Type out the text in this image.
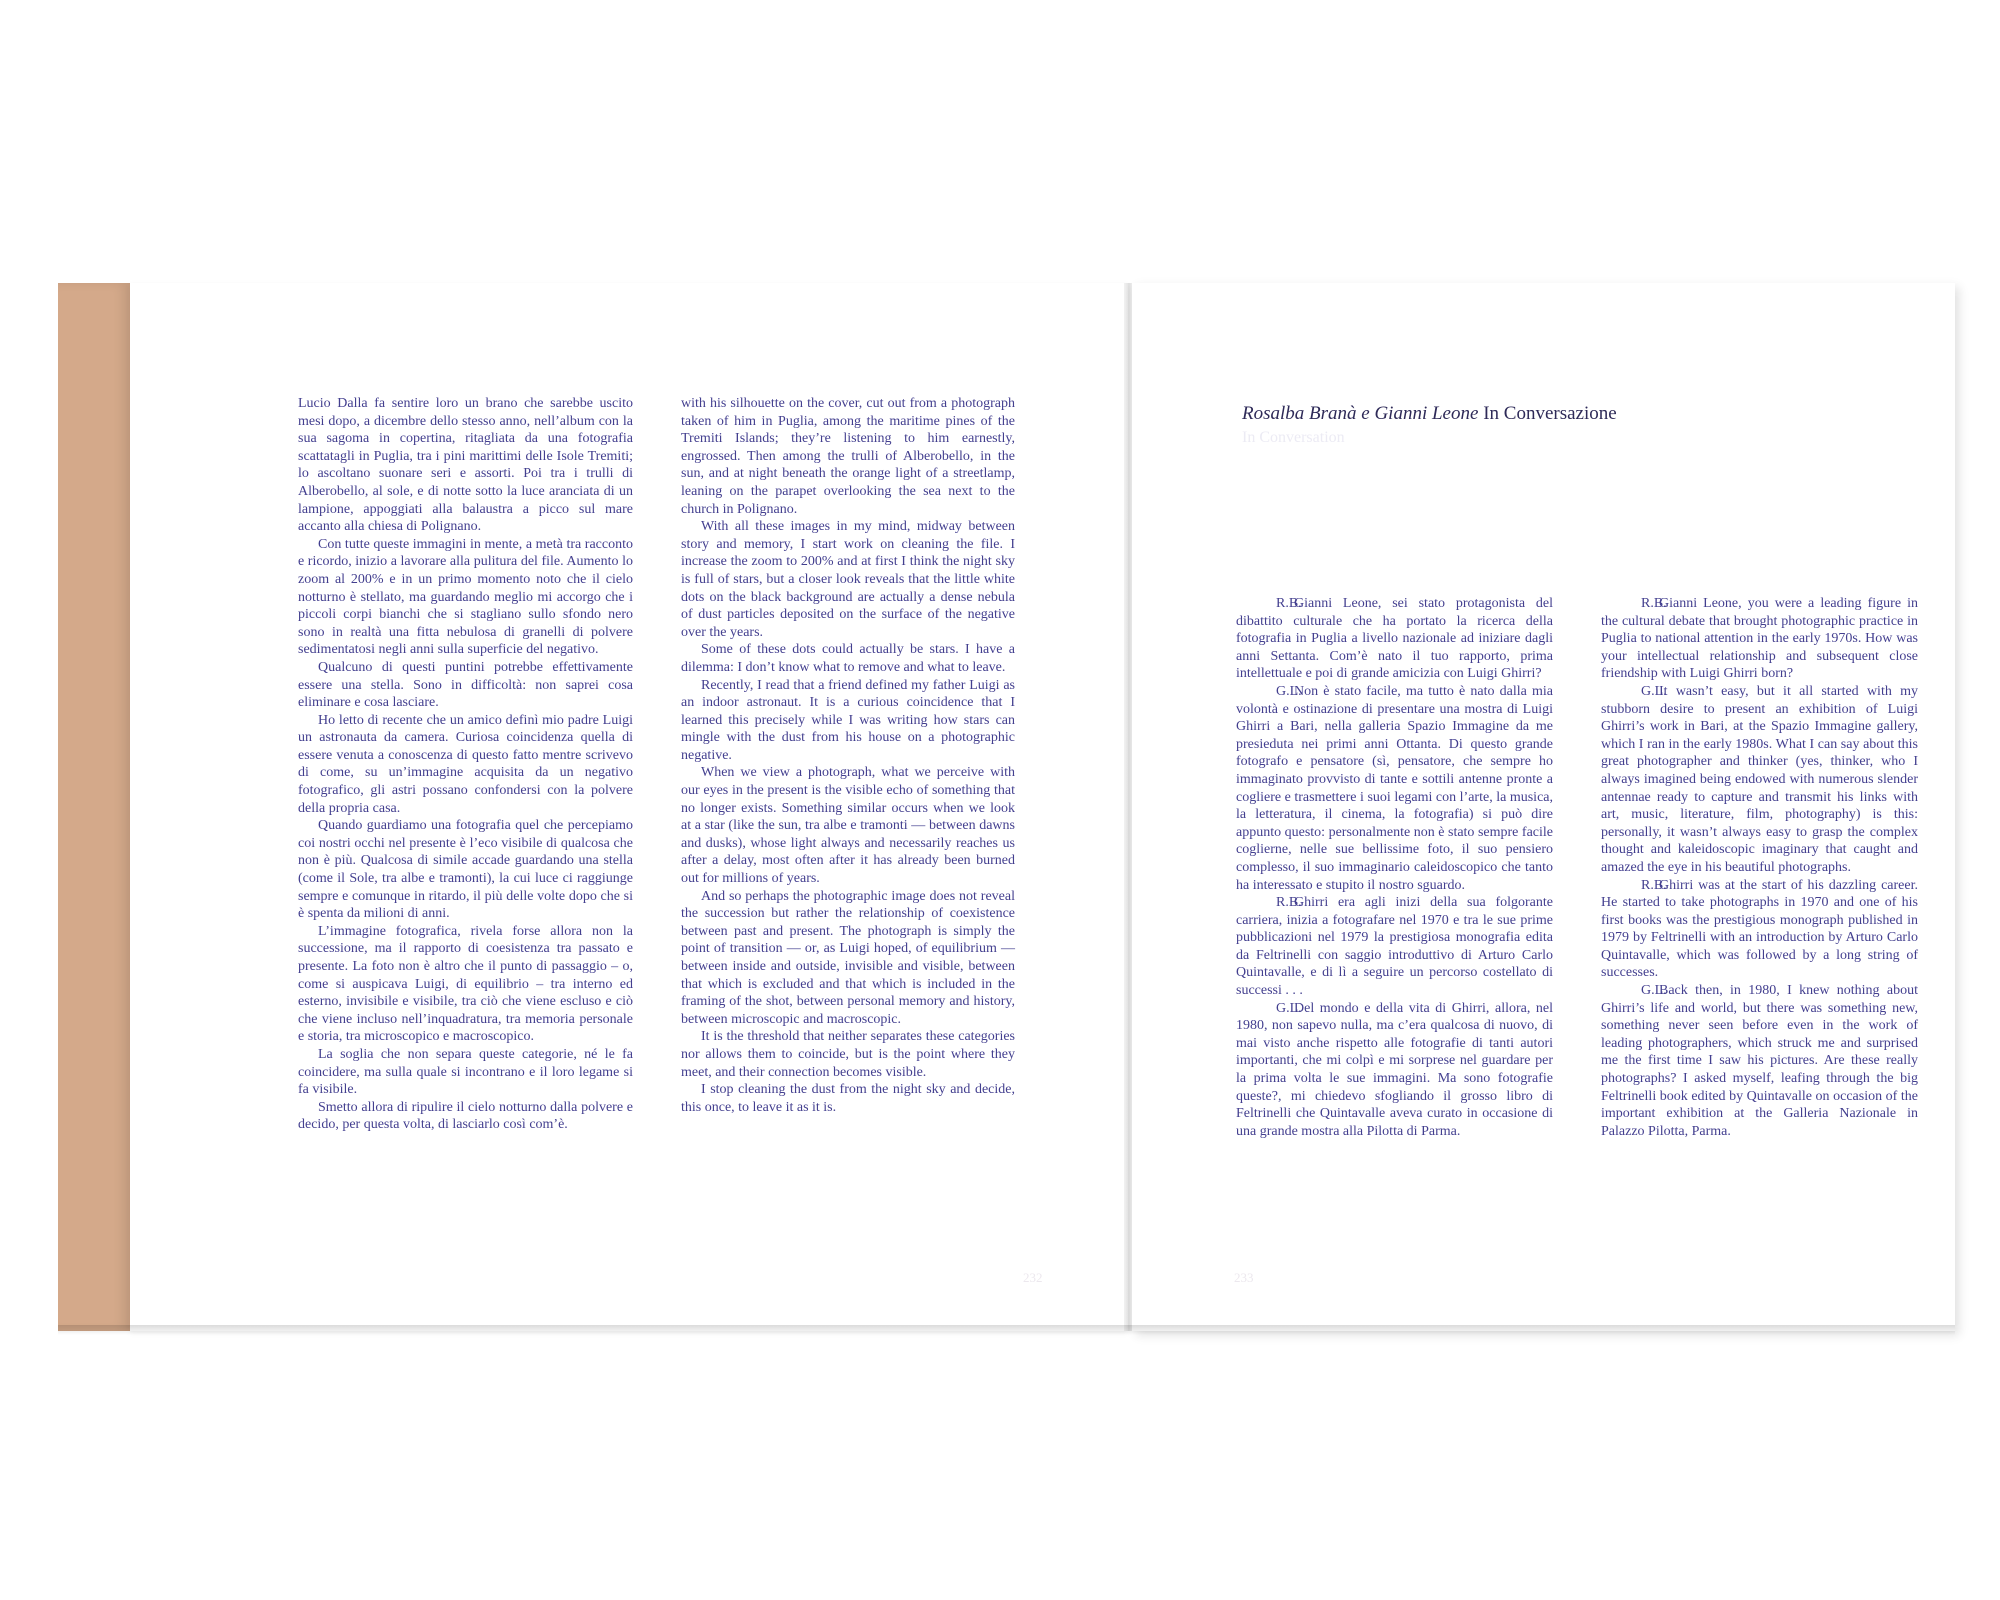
Lucio Dalla fa sentire loro un brano che sarebbe uscito mesi dopo, a dicembre dello stesso anno, nell’album con la sua sagoma in copertina, ritagliata da una fotografia scattatagli in Puglia, tra i pini marittimi delle Isole Tremiti; lo ascoltano suonare seri e assorti. Poi tra i trulli di Alberobello, al sole, e di notte sotto la luce aranciata di un lampione, appoggiati alla balaustra a picco sul mare accanto alla chiesa di Polignano.

Con tutte queste immagini in mente, a metà tra racconto e ricordo, inizio a lavorare alla pulitura del file. Aumento lo zoom al 200% e in un primo momento noto che il cielo notturno è stellato, ma guardando meglio mi accorgo che i piccoli corpi bianchi che si stagliano sullo sfondo nero sono in realtà una fitta nebulosa di granelli di polvere sedimentatosi negli anni sulla superficie del negativo.

Qualcuno di questi puntini potrebbe effettivamente essere una stella. Sono in difficoltà: non saprei cosa eliminare e cosa lasciare.

Ho letto di recente che un amico definì mio padre Luigi un astronauta da camera. Curiosa coincidenza quella di essere venuta a conoscenza di questo fatto mentre scrivevo di come, su un’immagine acquisita da un negativo fotografico, gli astri possano confondersi con la polvere della propria casa.

Quando guardiamo una fotografia quel che percepiamo coi nostri occhi nel presente è l’eco visibile di qualcosa che non è più. Qualcosa di simile accade guardando una stella (come il Sole, tra albe e tramonti), la cui luce ci raggiunge sempre e comunque in ritardo, il più delle volte dopo che si è spenta da milioni di anni.

L’immagine fotografica, rivela forse allora non la successione, ma il rapporto di coesistenza tra passato e presente. La foto non è altro che il punto di passaggio – o, come si auspicava Luigi, di equilibrio – tra interno ed esterno, invisibile e visibile, tra ciò che viene escluso e ciò che viene incluso nell’inquadratura, tra memoria personale e storia, tra microscopico e macroscopico.

La soglia che non separa queste categorie, né le fa coincidere, ma sulla quale si incontrano e il loro legame si fa visibile.

Smetto allora di ripulire il cielo notturno dalla polvere e decido, per questa volta, di lasciarlo così com’è.

with his silhouette on the cover, cut out from a photograph taken of him in Puglia, among the maritime pines of the Tremiti Islands; they’re listening to him earnestly, engrossed. Then among the trulli of Alberobello, in the sun, and at night beneath the orange light of a streetlamp, leaning on the parapet overlooking the sea next to the church in Polignano.

With all these images in my mind, midway between story and memory, I start work on cleaning the file. I increase the zoom to 200% and at first I think the night sky is full of stars, but a closer look reveals that the little white dots on the black background are actually a dense nebula of dust particles deposited on the surface of the negative over the years.

Some of these dots could actually be stars. I have a dilemma: I don’t know what to remove and what to leave.

Recently, I read that a friend defined my father Luigi as an indoor astronaut. It is a curious coincidence that I learned this precisely while I was writing how stars can mingle with the dust from his house on a photographic negative.

When we view a photograph, what we perceive with our eyes in the present is the visible echo of something that no longer exists. Something similar occurs when we look at a star (like the sun, tra albe e tramonti — between dawns and dusks), whose light always and necessarily reaches us after a delay, most often after it has already been burned out for millions of years.

And so perhaps the photographic image does not reveal the succession but rather the relationship of coexistence between past and present. The photograph is simply the point of transition — or, as Luigi hoped, of equilibrium — between inside and outside, invisible and visible, between that which is excluded and that which is included in the framing of the shot, between personal memory and history, between microscopic and macroscopic.

It is the threshold that neither separates these categories nor allows them to coincide, but is the point where they meet, and their connection becomes visible.

I stop cleaning the dust from the night sky and decide, this once, to leave it as it is.

232
Rosalba Branà e Gianni Leone In Conversazione
In Conversation

R.B.Gianni Leone, sei stato protagonista del dibattito culturale che ha portato la ricerca della fotografia in Puglia a livello nazionale ad iniziare dagli anni Settanta. Com’è nato il tuo rapporto, prima intellettuale e poi di grande amicizia con Luigi Ghirri?

G.L.Non è stato facile, ma tutto è nato dalla mia volontà e ostinazione di presentare una mostra di Luigi Ghirri a Bari, nella galleria Spazio Immagine da me presieduta nei primi anni Ottanta. Di questo grande fotografo e pensatore (sì, pensatore, che sempre ho immaginato provvisto di tante e sottili antenne pronte a cogliere e trasmettere i suoi legami con l’arte, la musica, la letteratura, il cinema, la fotografia) si può dire appunto questo: personalmente non è stato sempre facile coglierne, nelle sue bellissime foto, il suo pensiero complesso, il suo immaginario caleidoscopico che tanto ha interessato e stupito il nostro sguardo.

R.B.Ghirri era agli inizi della sua folgorante carriera, inizia a fotografare nel 1970 e tra le sue prime pubblicazioni nel 1979 la prestigiosa monografia edita da Feltrinelli con saggio introduttivo di Arturo Carlo Quintavalle, e di lì a seguire un percorso costellato di successi . . .

G.L.Del mondo e della vita di Ghirri, allora, nel 1980, non sapevo nulla, ma c’era qualcosa di nuovo, di mai visto anche rispetto alle fotografie di tanti autori importanti, che mi colpì e mi sorprese nel guardare per la prima volta le sue immagini. Ma sono fotografie queste?, mi chiedevo sfogliando il grosso libro di Feltrinelli che Quintavalle aveva curato in occasione di una grande mostra alla Pilotta di Parma.

R.B.Gianni Leone, you were a leading figure in the cultural debate that brought photographic practice in Puglia to national attention in the early 1970s. How was your intellectual relationship and subsequent close friendship with Luigi Ghirri born?

G.L.It wasn’t easy, but it all started with my stubborn desire to present an exhibition of Luigi Ghirri’s work in Bari, at the Spazio Immagine gallery, which I ran in the early 1980s. What I can say about this great photographer and thinker (yes, thinker, who I always imagined being endowed with numerous slender antennae ready to capture and transmit his links with art, music, literature, film, photography) is this: personally, it wasn’t always easy to grasp the complex thought and kaleidoscopic imaginary that caught and amazed the eye in his beautiful photographs.

R.B.Ghirri was at the start of his dazzling career. He started to take photographs in 1970 and one of his first books was the prestigious monograph published in 1979 by Feltrinelli with an introduction by Arturo Carlo Quintavalle, which was followed by a long string of successes.

G.L.Back then, in 1980, I knew nothing about Ghirri’s life and world, but there was something new, something never seen before even in the work of leading photographers, which struck me and surprised me the first time I saw his pictures. Are these really photographs? I asked myself, leafing through the big Feltrinelli book edited by Quintavalle on occasion of the important exhibition at the Galleria Nazionale in Palazzo Pilotta, Parma.

233
